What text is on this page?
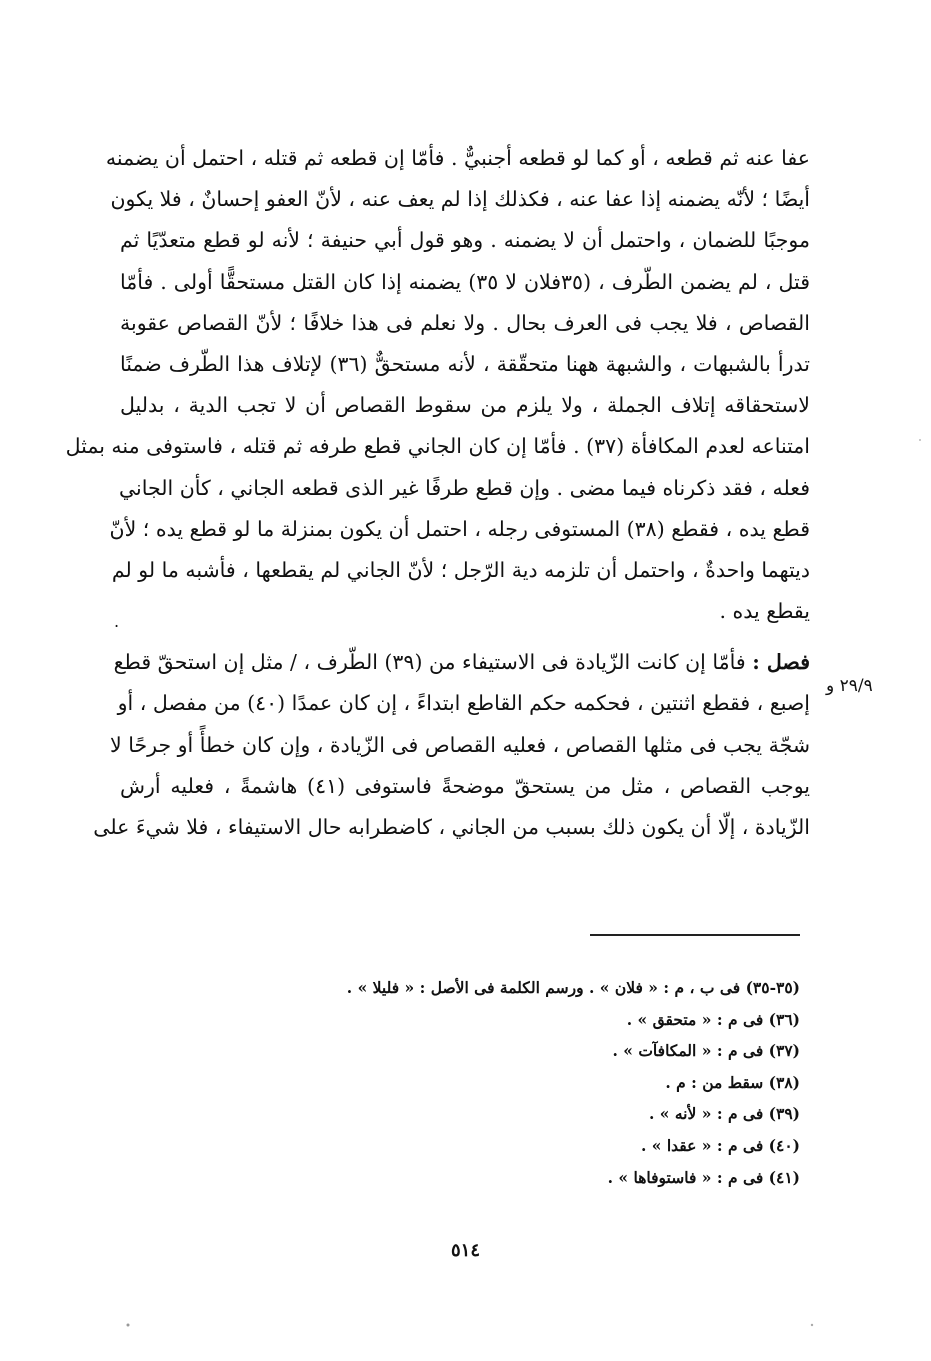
عفا عنه ثم قطعه ، أو كما لو قطعه أجنبيٌّ . فأمّا إن قطعه ثم قتله ، احتمل أن يضمنه
أيضًا ؛ لأنّه يضمنه إذا عفا عنه ، فكذلك إذا لم يعف عنه ، لأنّ العفو إحسانٌ ، فلا يكون
موجبًا للضمان ، واحتمل أن لا يضمنه . وهو قول أبي حنيفة ؛ لأنه لو قطع متعدّيًا ثم
قتل ، لم يضمن الطّرف ، (٣٥فلان لا ٣٥) يضمنه إذا كان القتل مستحقًّا أولى . فأمّا
القصاص ، فلا يجب فى العرف بحال . ولا نعلم فى هذا خلافًا ؛ لأنّ القصاص عقوبة
تدرأ بالشبهات ، والشبهة ههنا متحقّقة ، لأنه مستحقٌّ (٣٦) لإتلاف هذا الطّرف ضمنًا
لاستحقاقه إتلاف الجملة ، ولا يلزم من سقوط القصاص أن لا تجب الدية ، بدليل
امتناعه لعدم المكافأة (٣٧) . فأمّا إن كان الجاني قطع طرفه ثم قتله ، فاستوفى منه بمثل
فعله ، فقد ذكرناه فيما مضى . وإن قطع طرفًا غير الذى قطعه الجاني ، كأن الجاني
قطع يده ، فقطع (٣٨) المستوفى رجله ، احتمل أن يكون بمنزلة ما لو قطع يده ؛ لأنّ
ديتهما واحدةٌ ، واحتمل أن تلزمه دية الرّجل ؛ لأنّ الجاني لم يقطعها ، فأشبه ما لو لم
يقطع يده .
فصل : فأمّا إن كانت الزّيادة فى الاستيفاء من (٣٩) الطّرف ، / مثل إن استحقّ قطع
إصبع ، فقطع اثنتين ، فحكمه حكم القاطع ابتداءً ، إن كان عمدًا (٤٠) من مفصل ، أو
شجّة يجب فى مثلها القصاص ، فعليه القصاص فى الزّيادة ، وإن كان خطأً أو جرحًا لا
يوجب القصاص ، مثل من يستحقّ موضحةً فاستوفى (٤١) هاشمةً ، فعليه أرش
الزّيادة ، إلّا أن يكون ذلك بسبب من الجاني ، كاضطرابه حال الاستيفاء ، فلا شيءَ على
٢٩/٩ و
.
(٣٥-٣٥) فى ب ، م : « فلان » . ورسم الكلمة فى الأصل : « فليلا » .
(٣٦) فى م : « متحقق » .
(٣٧) فى م : « المكافآت » .
(٣٨) سقط من : م .
(٣٩) فى م : « لأنه » .
(٤٠) فى م : « عقدا » .
(٤١) فى م : « فاستوفاها » .
٥١٤
